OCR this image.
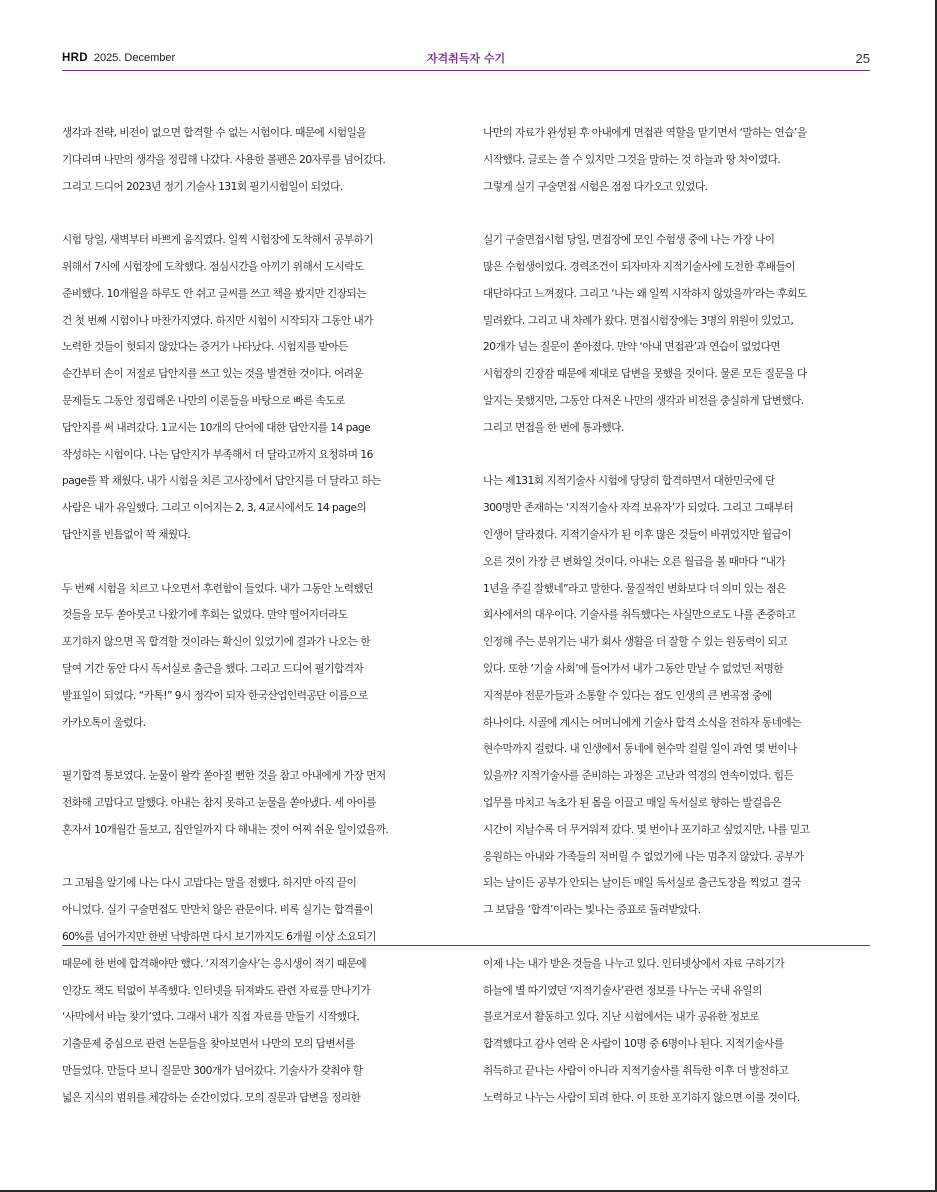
HRD 2025. December	자격취득자 수기	25
생각과 전략, 비전이 없으면 합격할 수 없는 시험이다. 때문에 시험일을
기다리며 나만의 생각을 정립해 나갔다. 사용한 볼펜은 20자루를 넘어갔다.
그리고 드디어 2023년 정기 기술사 131회 필기시험일이 되었다.
시험 당일, 새벽부터 바쁘게 움직였다. 일찍 시험장에 도착해서 공부하기
위해서 7시에 시험장에 도착했다. 점심시간을 아끼기 위해서 도시락도
준비했다. 10개월을 하루도 안 쉬고 글씨를 쓰고 책을 봤지만 긴장되는
건 첫 번째 시험이나 마찬가지였다. 하지만 시험이 시작되자 그동안 내가
노력한 것들이 헛되지 않았다는 증거가 나타났다. 시험지를 받아든
순간부터 손이 저절로 답안지를 쓰고 있는 것을 발견한 것이다. 어려운
문제들도 그동안 정립해온 나만의 이론들을 바탕으로 빠른 속도로
답안지를 써 내려갔다. 1교시는 10개의 단어에 대한 답안지를 14 page
작성하는 시험이다. 나는 답안지가 부족해서 더 달라고까지 요청하며 16
page를 꽉 채웠다. 내가 시험을 치른 고사장에서 답안지를 더 달라고 하는
사람은 내가 유일했다. 그리고 이어지는 2, 3, 4교시에서도 14 page의
답안지를 빈틈없이 꽉 채웠다.
두 번째 시험을 치르고 나오면서 후련함이 들었다. 내가 그동안 노력했던
것들을 모두 쏟아붓고 나왔기에 후회는 없었다. 만약 떨어지더라도
포기하지 않으면 꼭 합격할 것이라는 확신이 있었기에 결과가 나오는 한
달여 기간 동안 다시 독서실로 출근을 했다. 그리고 드디어 필기합격자
발표일이 되었다. “카톡!” 9시 정각이 되자 한국산업인력공단 이름으로
카카오톡이 울렸다.
필기합격 통보였다. 눈물이 왈칵 쏟아질 뻔한 것을 참고 아내에게 가장 먼저
전화해 고맙다고 말했다. 아내는 참지 못하고 눈물을 쏟아냈다. 세 아이를
혼자서 10개월간 돌보고, 집안일까지 다 해내는 것이 어찌 쉬운 일이었을까.
그 고됨을 알기에 나는 다시 고맙다는 말을 전했다. 하지만 아직 끝이
아니었다. 실기 구술면접도 만만치 않은 관문이다. 비록 실기는 합격률이
60%를 넘어가지만 한번 낙방하면 다시 보기까지도 6개월 이상 소요되기
때문에 한 번에 합격해야만 했다. ‘지적기술사’는 응시생이 적기 때문에
인강도 책도 턱없이 부족했다. 인터넷을 뒤져봐도 관련 자료를 만나기가
‘사막에서 바늘 찾기’였다. 그래서 내가 직접 자료를 만들기 시작했다.
기출문제 중심으로 관련 논문들을 찾아보면서 나만의 모의 답변서를
만들었다. 만들다 보니 질문만 300개가 넘어갔다. 기술사가 갖춰야 할
넓은 지식의 범위를 체감하는 순간이었다. 모의 질문과 답변을 정리한
나만의 자료가 완성된 후 아내에게 면접관 역할을 맡기면서 ‘말하는 연습’을
시작했다. 글로는 쓸 수 있지만 그것을 말하는 것 하늘과 땅 차이였다.
그렇게 실기 구술면접 시험은 점점 다가오고 있었다.
실기 구술면접시험 당일, 면접장에 모인 수험생 중에 나는 가장 나이
많은 수험생이었다. 경력조건이 되자마자 지적기술사에 도전한 후배들이
대단하다고 느껴졌다. 그리고 ‘나는 왜 일찍 시작하지 않았을까’라는 후회도
밀려왔다. 그리고 내 차례가 왔다. 면접시험장에는 3명의 위원이 있었고,
20개가 넘는 질문이 쏟아졌다. 만약 ‘아내 면접관’과 연습이 없었다면
시험장의 긴장감 때문에 제대로 답변을 못했을 것이다. 물론 모든 질문을 다
알지는 못했지만, 그동안 다져온 나만의 생각과 비전을 충실하게 답변했다.
그리고 면접을 한 번에 통과했다.
나는 제131회 지적기술사 시험에 당당히 합격하면서 대한민국에 단
300명만 존재하는 ‘지적기술사 자격 보유자’가 되었다. 그리고 그때부터
인생이 달라졌다. 지적기술사가 된 이후 많은 것들이 바뀌었지만 월급이
오른 것이 가장 큰 변화일 것이다. 아내는 오른 월급을 볼 때마다 “내가
1년을 주길 잘했네”라고 말한다. 물질적인 변화보다 더 의미 있는 점은
회사에서의 대우이다. 기술사를 취득했다는 사실만으로도 나를 존중하고
인정해 주는 분위기는 내가 회사 생활을 더 잘할 수 있는 원동력이 되고
있다. 또한 ‘기술 사회’에 들어가서 내가 그동안 만날 수 없었던 저명한
지적분야 전문가들과 소통할 수 있다는 점도 인생의 큰 변곡점 중에
하나이다. 시골에 계시는 어머니에게 기술사 합격 소식을 전하자 동네에는
현수막까지 걸렸다. 내 인생에서 동네에 현수막 걸릴 일이 과연 몇 번이나
있을까? 지적기술사를 준비하는 과정은 고난과 역경의 연속이었다. 힘든
업무를 마치고 녹초가 된 몸을 이끌고 매일 독서실로 향하는 발걸음은
시간이 지날수록 더 무거워져 갔다. 몇 번이나 포기하고 싶었지만, 나를 믿고
응원하는 아내와 가족들의 저버릴 수 없었기에 나는 멈추지 않았다. 공부가
되는 날이든 공부가 안되는 날이든 매일 독서실로 출근도장을 찍었고 결국
그 보답을 ‘합격’이라는 빛나는 증표로 돌려받았다.
이제 나는 내가 받은 것들을 나누고 있다. 인터넷상에서 자료 구하기가
하늘에 별 따기였던 ‘지적기술사’관련 정보를 나누는 국내 유일의
블로거로서 활동하고 있다. 지난 시험에서는 내가 공유한 정보로
합격했다고 감사 연락 온 사람이 10명 중 6명이나 된다. 지적기술사를
취득하고 끝나는 사람이 아니라 지적기술사를 취득한 이후 더 발전하고
노력하고 나누는 사람이 되려 한다. 이 또한 포기하지 않으면 이룰 것이다.
